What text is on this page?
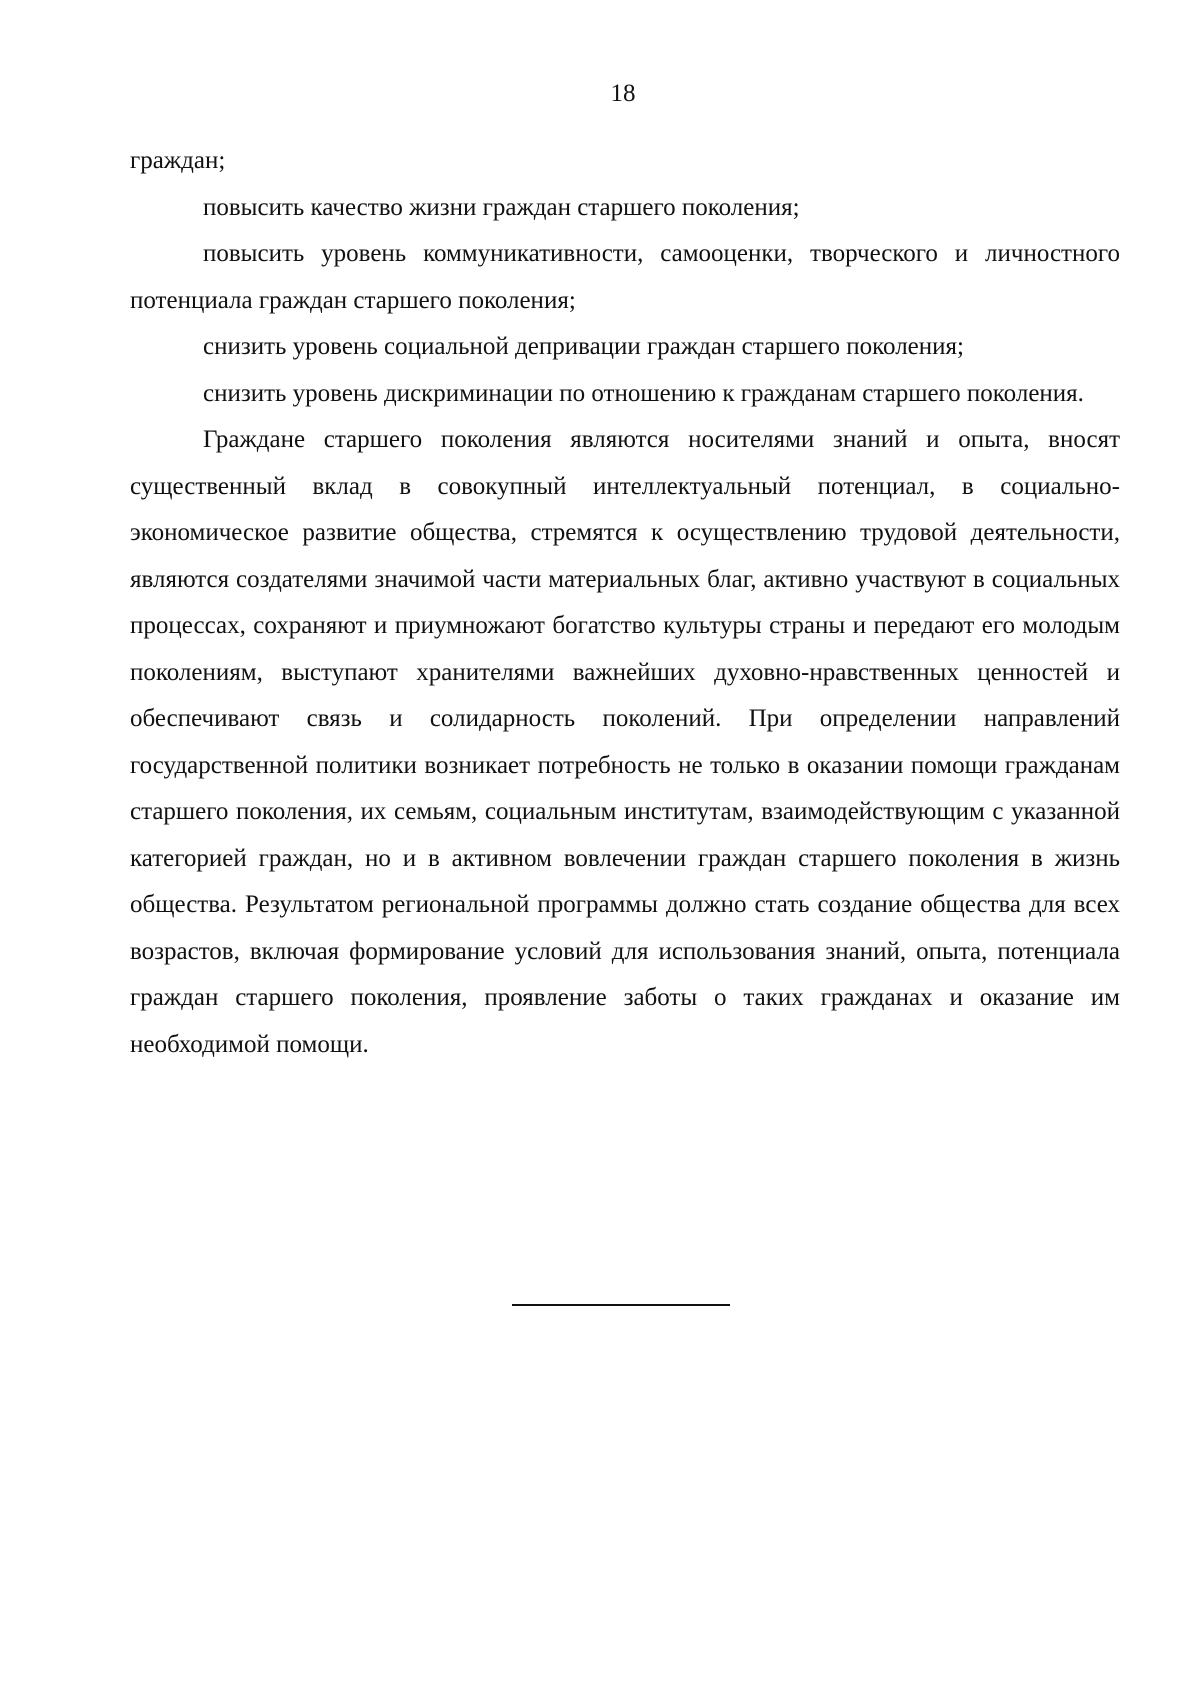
18

граждан;

повысить качество жизни граждан старшего поколения;

повысить уровень коммуникативности, самооценки, творческого и личностного потенциала граждан старшего поколения;

снизить уровень социальной депривации граждан старшего поколения;

снизить уровень дискриминации по отношению к гражданам старшего поколения.

Граждане старшего поколения являются носителями знаний и опыта, вносят существенный вклад в совокупный интеллектуальный потенциал, в социально-экономическое развитие общества, стремятся к осуществлению трудовой деятельности, являются создателями значимой части материальных благ, активно участвуют в социальных процессах, сохраняют и приумножают богатство культуры страны и передают его молодым поколениям, выступают хранителями важнейших духовно-нравственных ценностей и обеспечивают связь и солидарность поколений. При определении направлений государственной политики возникает потребность не только в оказании помощи гражданам старшего поколения, их семьям, социальным институтам, взаимодействующим с указанной категорией граждан, но и в активном вовлечении граждан старшего поколения в жизнь общества. Результатом региональной программы должно стать создание общества для всех возрастов, включая формирование условий для использования знаний, опыта, потенциала граждан старшего поколения, проявление заботы о таких гражданах и оказание им необходимой помощи.
